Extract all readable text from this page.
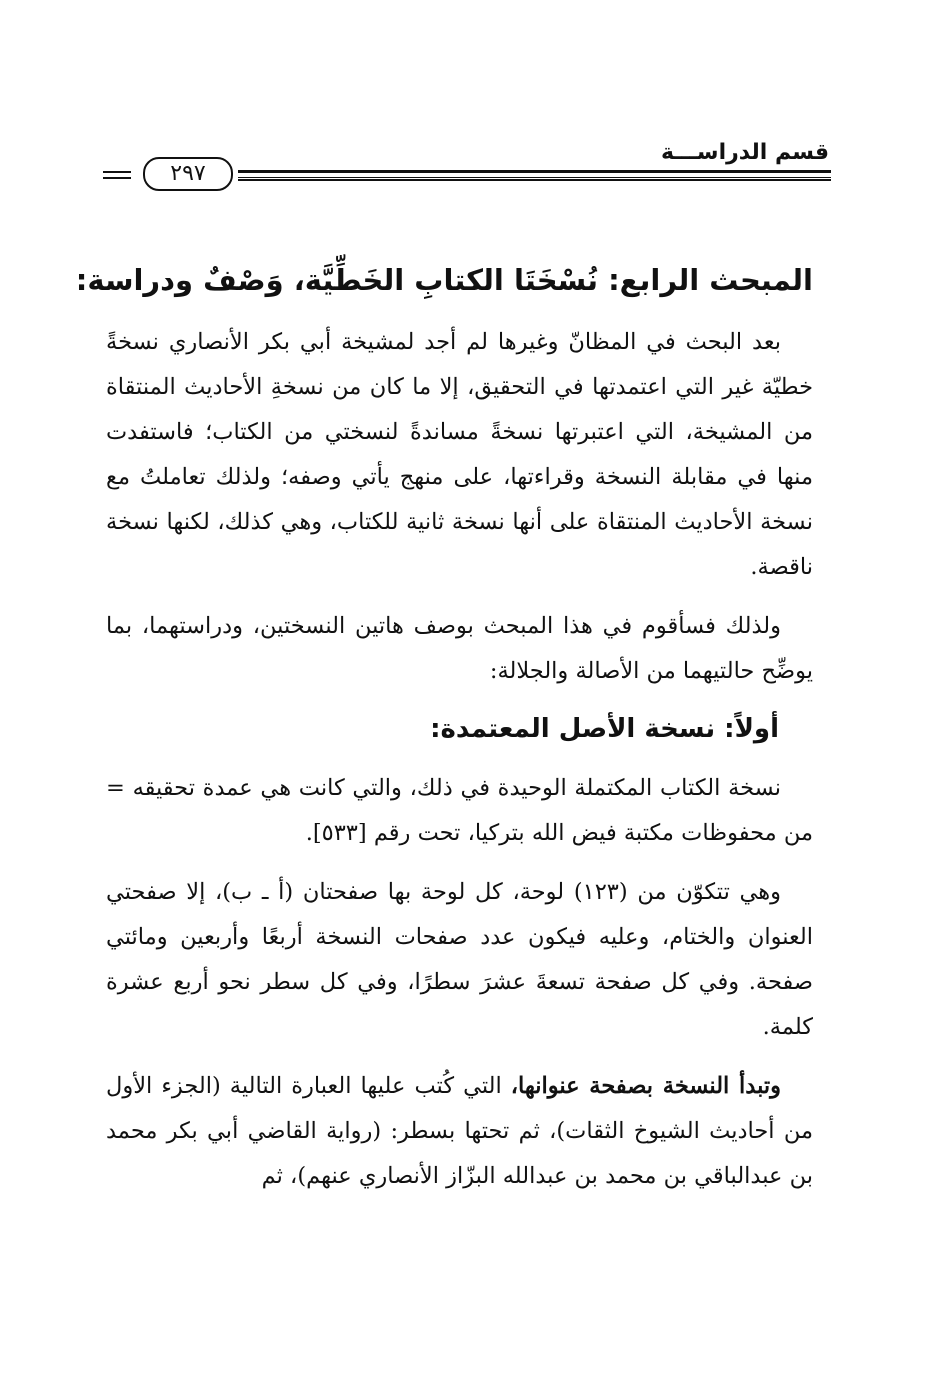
قسم الدراســـة
٢٩٧
المبحث الرابع: نُسْخَتَا الكتابِ الخَطِّيَّة، وَصْفٌ ودراسة:

بعد البحث في المظانّ وغيرها لم أجد لمشيخة أبي بكر الأنصاري نسخةً خطيّة غير التي اعتمدتها في التحقيق، إلا ما كان من نسخةِ الأحاديث المنتقاة من المشيخة، التي اعتبرتها نسخةً مساندةً لنسختي من الكتاب؛ فاستفدت منها في مقابلة النسخة وقراءتها، على منهج يأتي وصفه؛ ولذلك تعاملتُ مع نسخة الأحاديث المنتقاة على أنها نسخة ثانية للكتاب، وهي كذلك، لكنها نسخة ناقصة.

ولذلك فسأقوم في هذا المبحث بوصف هاتين النسختين، ودراستهما، بما يوضِّح حالتيهما من الأصالة والجلالة:

أولاً: نسخة الأصل المعتمدة:

نسخة الكتاب المكتملة الوحيدة في ذلك، والتي كانت هي عمدة تحقيقه = من محفوظات مكتبة فيض الله بتركيا، تحت رقم [٥٣٣].

وهي تتكوّن من (١٢٣) لوحة، كل لوحة بها صفحتان (أ ـ ب)، إلا صفحتي العنوان والختام، وعليه فيكون عدد صفحات النسخة أربعًا وأربعين ومائتي صفحة. وفي كل صفحة تسعةَ عشرَ سطرًا، وفي كل سطر نحو أربع عشرة كلمة.

وتبدأ النسخة بصفحة عنوانها، التي كُتب عليها العبارة التالية (الجزء الأول من أحاديث الشيوخ الثقات)، ثم تحتها بسطر: (رواية القاضي أبي بكر محمد بن عبدالباقي بن محمد بن عبدالله البزّاز الأنصاري عنهم)، ثم
